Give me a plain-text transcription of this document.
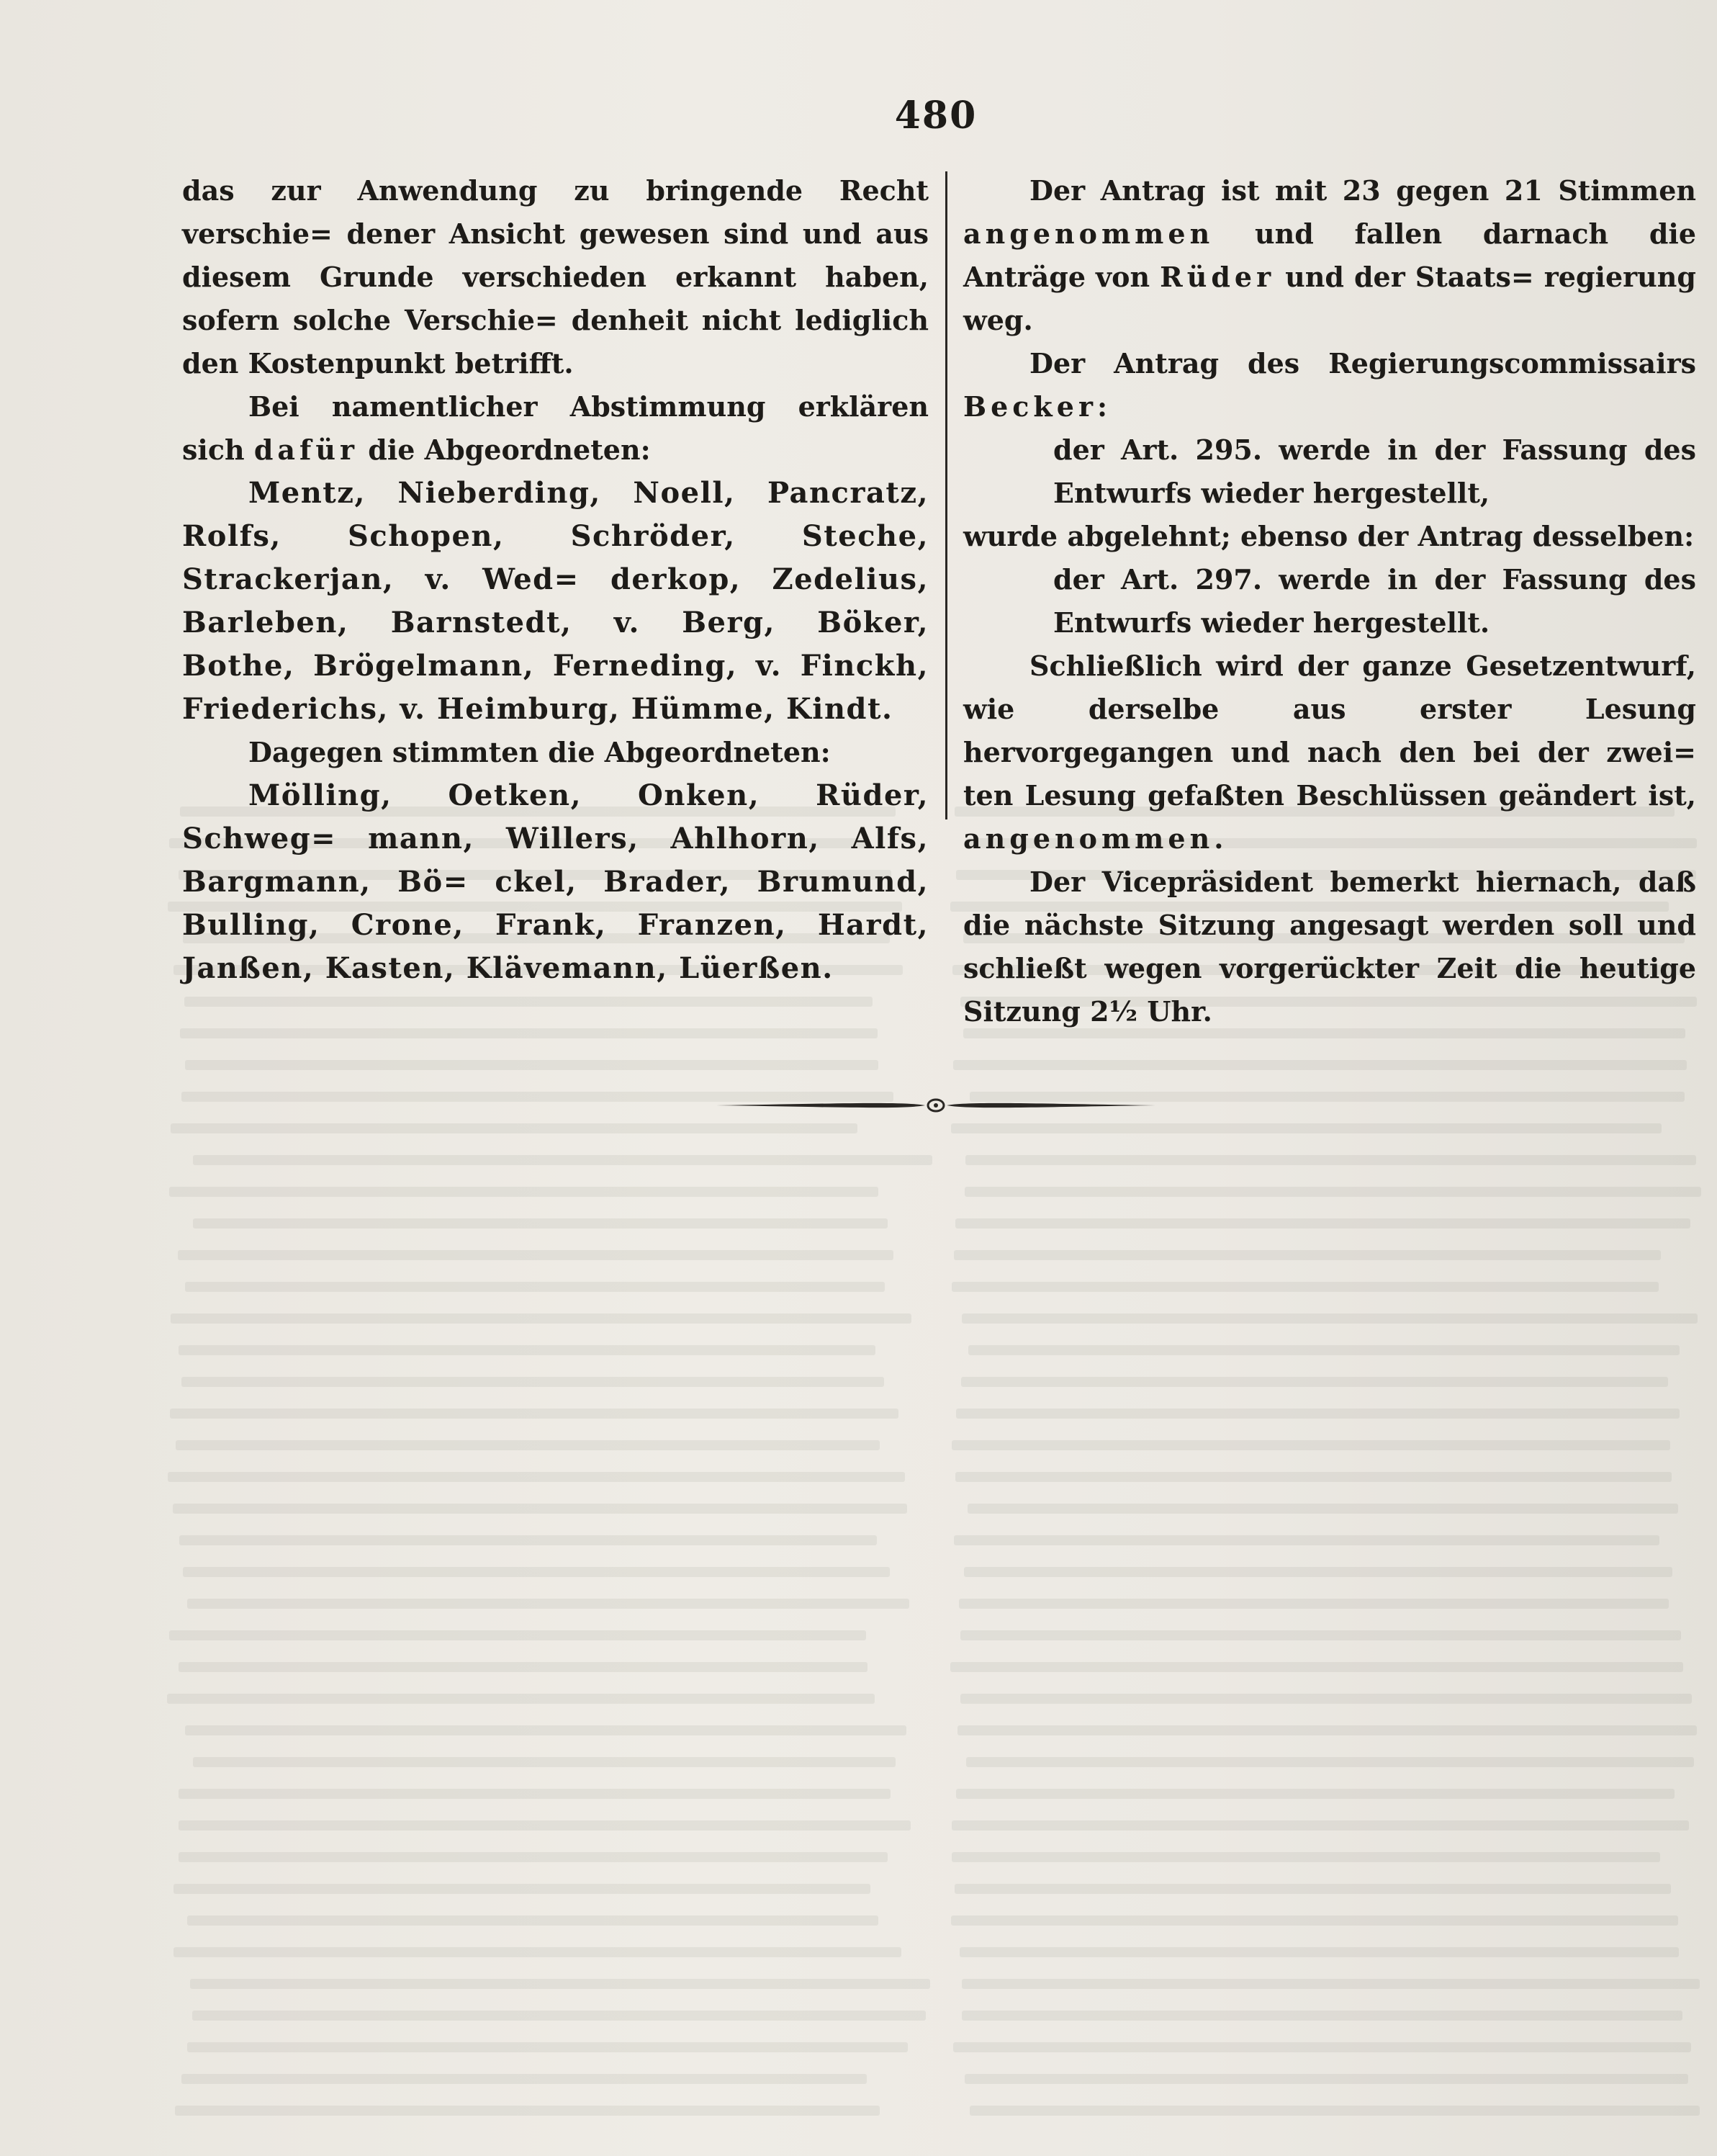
480

das zur Anwendung zu bringende Recht verschie= dener Ansicht gewesen sind und aus diesem Grunde verschieden erkannt haben, sofern solche Verschie= denheit nicht lediglich den Kostenpunkt betrifft.

Bei namentlicher Abstimmung erklären sich dafür die Abgeordneten:

Mentz, Nieberding, Noell, Pancratz, Rolfs, Schopen, Schröder, Steche, Strackerjan, v. Wed= derkop, Zedelius, Barleben, Barnstedt, v. Berg, Böker, Bothe, Brögelmann, Ferneding, v. Finckh, Friederichs, v. Heimburg, Hümme, Kindt.

Dagegen stimmten die Abgeordneten:

Mölling, Oetken, Onken, Rüder, Schweg= mann, Willers, Ahlhorn, Alfs, Bargmann, Bö= ckel, Brader, Brumund, Bulling, Crone, Frank, Franzen, Hardt, Janßen, Kasten, Klävemann, Lüerßen.

Der Antrag ist mit 23 gegen 21 Stimmen angenommen und fallen darnach die Anträge von Rüder und der Staats= regierung weg.

Der Antrag des Regierungscommissairs Becker:

der Art. 295. werde in der Fassung des Entwurfs wieder hergestellt,

wurde abgelehnt; ebenso der Antrag desselben:

der Art. 297. werde in der Fassung des Entwurfs wieder hergestellt.

Schließlich wird der ganze Gesetzentwurf, wie derselbe aus erster Lesung hervorgegangen und nach den bei der zwei= ten Lesung gefaßten Beschlüssen geändert ist, angenommen.

Der Vicepräsident bemerkt hiernach, daß die nächste Sitzung angesagt werden soll und schließt wegen vorgerückter Zeit die heutige Sitzung 2½ Uhr.
